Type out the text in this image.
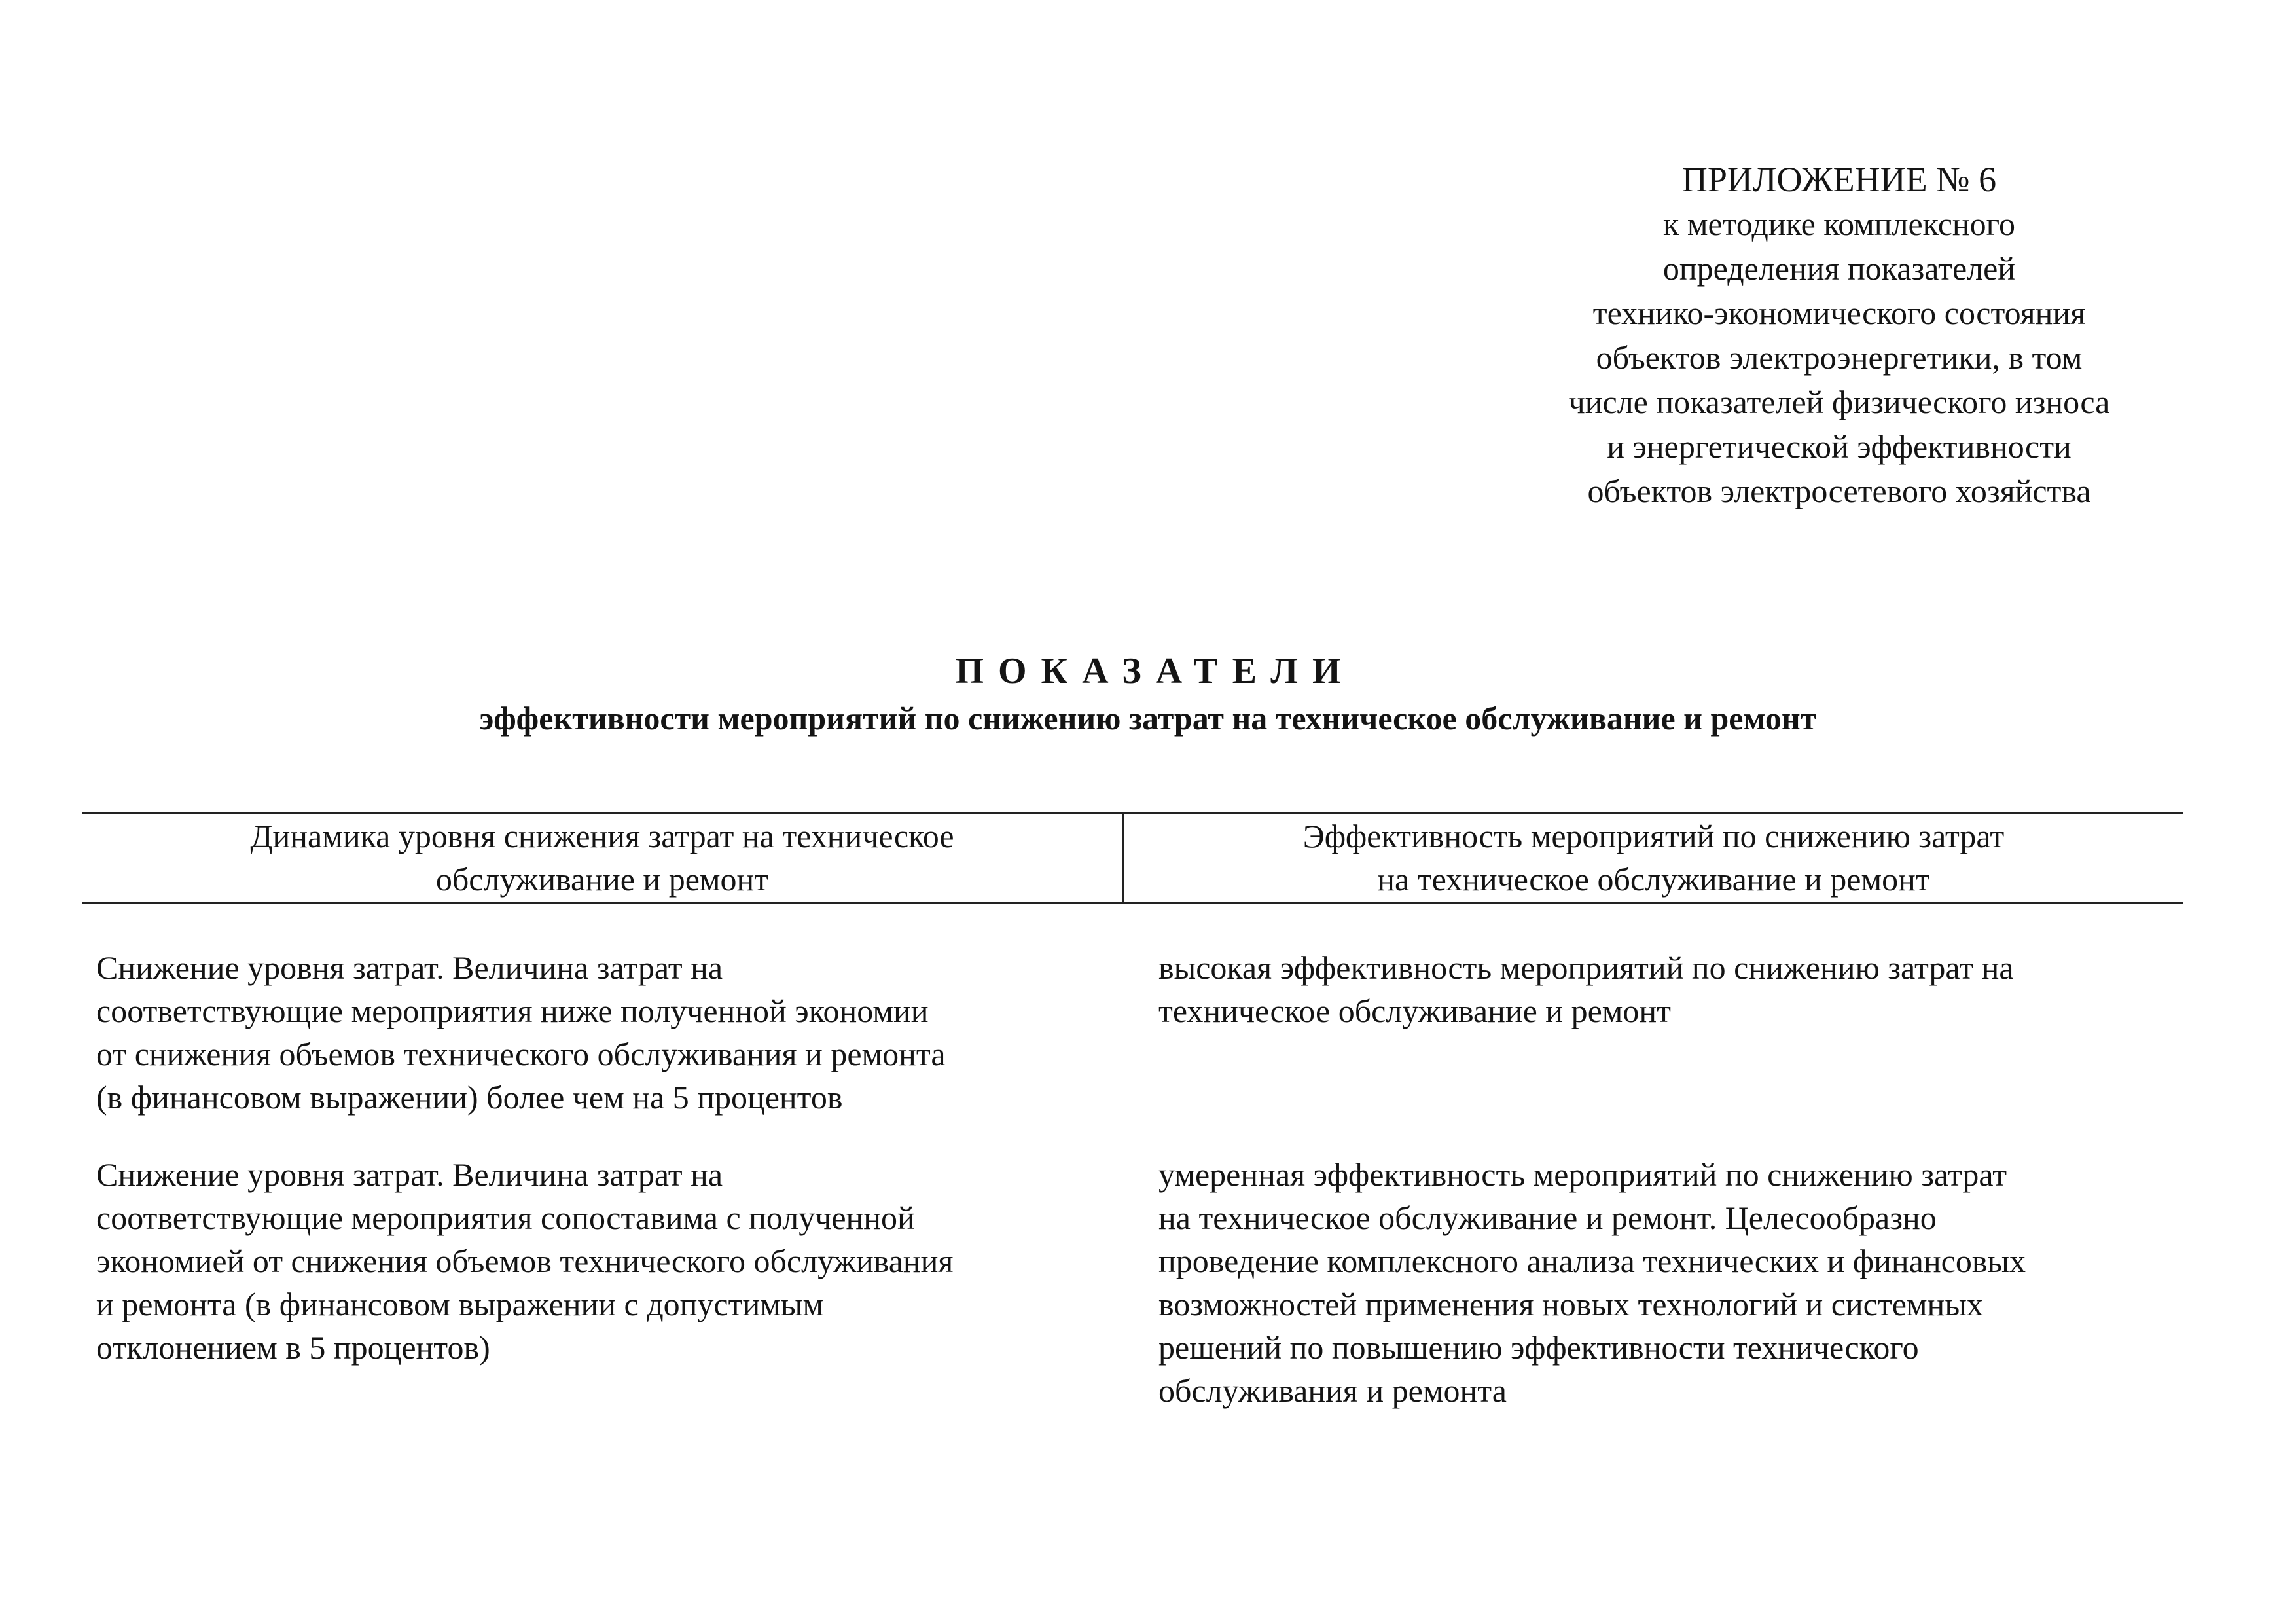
ПРИЛОЖЕНИЕ № 6
к методике комплексного
определения показателей
технико-экономического состояния
объектов электроэнергетики, в том
числе показателей физического износа
и энергетической эффективности
объектов электросетевого хозяйства
ПОКАЗАТЕЛИ
эффективности мероприятий по снижению затрат на техническое обслуживание и ремонт
Динамика уровня снижения затрат на техническое
обслуживание и ремонт
Эффективность мероприятий по снижению затрат
на техническое обслуживание и ремонт
Снижение уровня затрат. Величина затрат на
соответствующие мероприятия ниже полученной экономии
от снижения объемов технического обслуживания и ремонта
(в финансовом выражении) более чем на 5 процентов
высокая эффективность мероприятий по снижению затрат на
техническое обслуживание и ремонт
Снижение уровня затрат. Величина затрат на
соответствующие мероприятия сопоставима с полученной
экономией от снижения объемов технического обслуживания
и ремонта (в финансовом выражении с допустимым
отклонением в 5 процентов)
умеренная эффективность мероприятий по снижению затрат
на техническое обслуживание и ремонт. Целесообразно
проведение комплексного анализа технических и финансовых
возможностей применения новых технологий и системных
решений по повышению эффективности технического
обслуживания и ремонта
